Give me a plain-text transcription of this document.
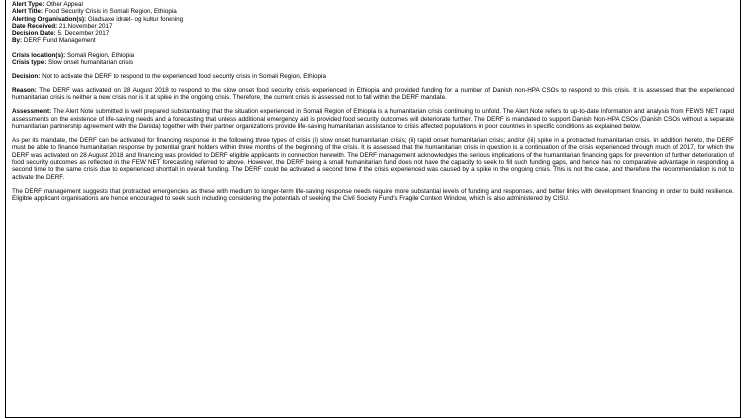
Alert Type: Other Appeal
Alert Title: Food Security Crisis in Somali Region, Ethiopia
Alerting Organisation(s): Gladsaxe idræt- og kultur forening
Date Received: 21.November 2017
Decision Date: 5. December 2017
By: DERF Fund Management
Crisis location(s): Somali Region, Ethiopia
Crisis type: Slow onset humanitarian crisis
Decision: Not to activate the DERF to respond to the experienced food security crisis in Somali Region, Ethiopia
Reason: The DERF was activated on 28 August 2018 to respond to the slow onset food security crisis experienced in Ethiopia and provided funding for a number of Danish non-HPA CSOs to respond to this crisis. It is assessed that the experienced humanitarian crisis is neither a new crisis nor is it at spike in the ongoing crisis. Therefore, the current crisis is assessed not to fall within the DERF mandate.
Assessment: The Alert Note submitted is well prepared substantiating that the situation experienced in Somali Region of Ethiopia is a humanitarian crisis continuing to unfold. The Alert Note refers to up-to-date information and analysis from FEWS NET rapid assessments on the existence of life-saving needs and a forecasting that unless additional emergency aid is provided food security outcomes will deteriorate further. The DERF is mandated to support Danish Non-HPA CSOs (Danish CSOs without a separate humanitarian partnership agreement with the Danida) together with their partner organizations provide life-saving humanitarian assistance to crisis affected populations in poor countries in specific conditions as explained below.
As per its mandate, the DERF can be activated for financing response in the following three types of crisis (i) slow onset humanitarian crisis; (ii) rapid onset humanitarian crisis; and/or (iii) spike in a protracted humanitarian crisis. In addition hereto, the DERF must be able to finance humanitarian response by potential grant holders within three months of the beginning of the crisis. It is assessed that the humanitarian crisis in question is a continuation of the crisis experienced through much of 2017, for which the DERF was activated on 28 August 2018 and financing was provided to DERF eligible applicants in connection herewith. The DERF management acknowledges the serious implications of the humanitarian financing gaps for prevention of further deterioration of food security outcomes as reflected in the FEW NET forecasting referred to above. However, the DERF being a small humanitarian fund does not have the capacity to seek to fill such funding gaps, and hence has no comparative advantage in responding a second time to the same crisis due to experienced shortfall in overall funding. The DERF could be activated a second time if the crisis experienced was caused by a spike in the ongoing crisis. This is not the case, and therefore the recommendation is not to activate the DERF.
The DERF management suggests that protracted emergencies as these with medium to longer-term life-saving response needs require more substantial levels of funding and responses, and better links with development financing in order to build resilience. Eligible applicant organisations are hence encouraged to seek such including considering the potentials of seeking the Civil Society Fund's Fragile Context Window, which is also administered by CISU.
